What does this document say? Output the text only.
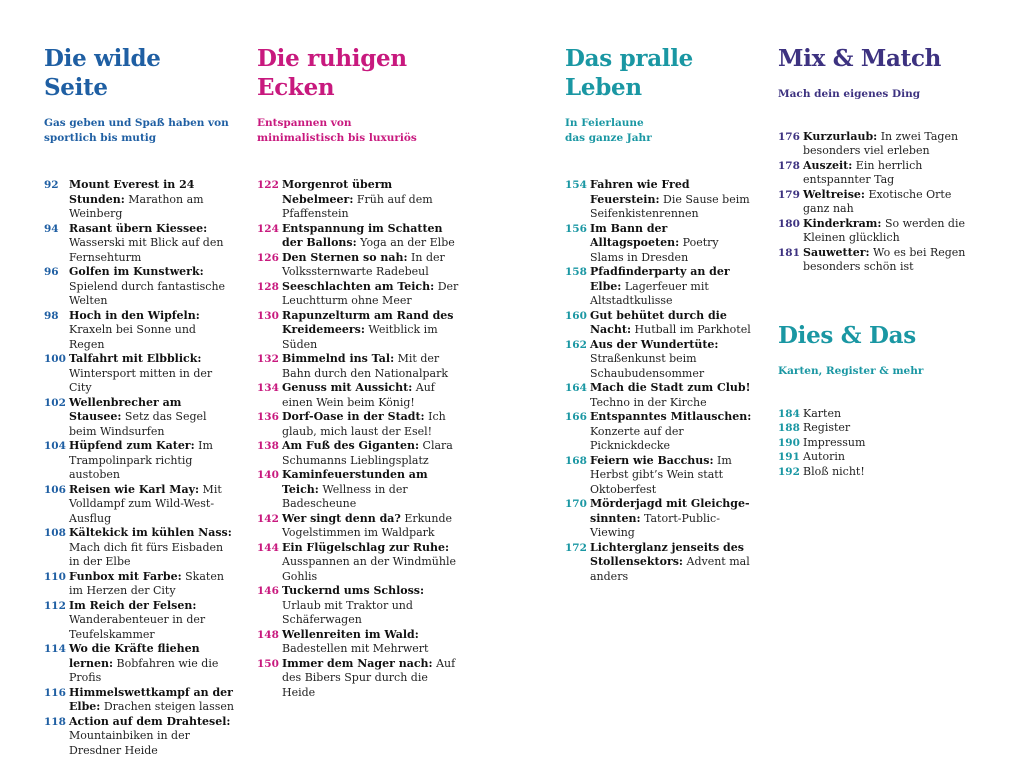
Die wilde
Seite
Gas geben und Spaß haben von
sportlich bis mutig
92 Mount Everest in 24 Stunden: Marathon am Weinberg
94 Rasant übern Kiessee: Wasserski mit Blick auf den Fernsehturm
96 Golfen im Kunstwerk: Spielend durch fantastische Welten
98 Hoch in den Wipfeln: Kraxeln bei Sonne und Regen
100 Talfahrt mit Elbblick: Wintersport mitten in der City
102 Wellenbrecher am Stausee: Setz das Segel beim Windsurfen
104 Hüpfend zum Kater: Im Trampolinpark richtig austoben
106 Reisen wie Karl May: Mit Volldampf zum Wild-West-Ausflug
108 Kältekick im kühlen Nass: Mach dich fit fürs Eisbaden in der Elbe
110 Funbox mit Farbe: Skaten im Herzen der City
112 Im Reich der Felsen: Wanderabenteuer in der Teufelskammer
114 Wo die Kräfte fliehen lernen: Bobfahren wie die Profis
116 Himmelswettkampf an der Elbe: Drachen steigen lassen
118 Action auf dem Drahtesel: Mountainbiken in der Dresdner Heide
Die ruhigen
Ecken
Entspannen von
minimalistisch bis luxuriös
122 Morgenrot überm Nebelmeer: Früh auf dem Pfaffenstein
124 Entspannung im Schatten der Ballons: Yoga an der Elbe
126 Den Sternen so nah: In der Volkssternwarte Radebeul
128 Seeschlachten am Teich: Der Leuchtturm ohne Meer
130 Rapunzelturm am Rand des Kreidemeers: Weitblick im Süden
132 Bimmelnd ins Tal: Mit der Bahn durch den Nationalpark
134 Genuss mit Aussicht: Auf einen Wein beim König!
136 Dorf-Oase in der Stadt: Ich glaub, mich laust der Esel!
138 Am Fuß des Giganten: Clara Schumanns Lieblingsplatz
140 Kaminfeuerstunden am Teich: Wellness in der Badescheune
142 Wer singt denn da? Erkunde Vogelstimmen im Waldpark
144 Ein Flügelschlag zur Ruhe: Ausspannen an der Windmühle Gohlis
146 Tuckernd ums Schloss: Urlaub mit Traktor und Schäferwagen
148 Wellenreiten im Wald: Badestellen mit Mehrwert
150 Immer dem Nager nach: Auf des Bibers Spur durch die Heide
Das pralle
Leben
In Feierlaune
das ganze Jahr
154 Fahren wie Fred Feuerstein: Die Sause beim Seifenkistenrennen
156 Im Bann der Alltagspoeten: Poetry Slams in Dresden
158 Pfadfinderparty an der Elbe: Lagerfeuer mit Altstadtkulisse
160 Gut behütet durch die Nacht: Hutball im Parkhotel
162 Aus der Wundertüte: Straßenkunst beim Schaubudensommer
164 Mach die Stadt zum Club! Techno in der Kirche
166 Entspanntes Mitlauschen: Konzerte auf der Picknickdecke
168 Feiern wie Bacchus: Im Herbst gibt’s Wein statt Oktoberfest
170 Mörderjagd mit Gleichgesinnten: Tatort-Public-Viewing
172 Lichterglanz jenseits des Stollensektors: Advent mal anders
Mix & Match
Mach dein eigenes Ding
176 Kurzurlaub: In zwei Tagen besonders viel erleben
178 Auszeit: Ein herrlich entspannter Tag
179 Weltreise: Exotische Orte ganz nah
180 Kinderkram: So werden die Kleinen glücklich
181 Sauwetter: Wo es bei Regen besonders schön ist
Dies & Das
Karten, Register & mehr
184 Karten
188 Register
190 Impressum
191 Autorin
192 Bloß nicht!
